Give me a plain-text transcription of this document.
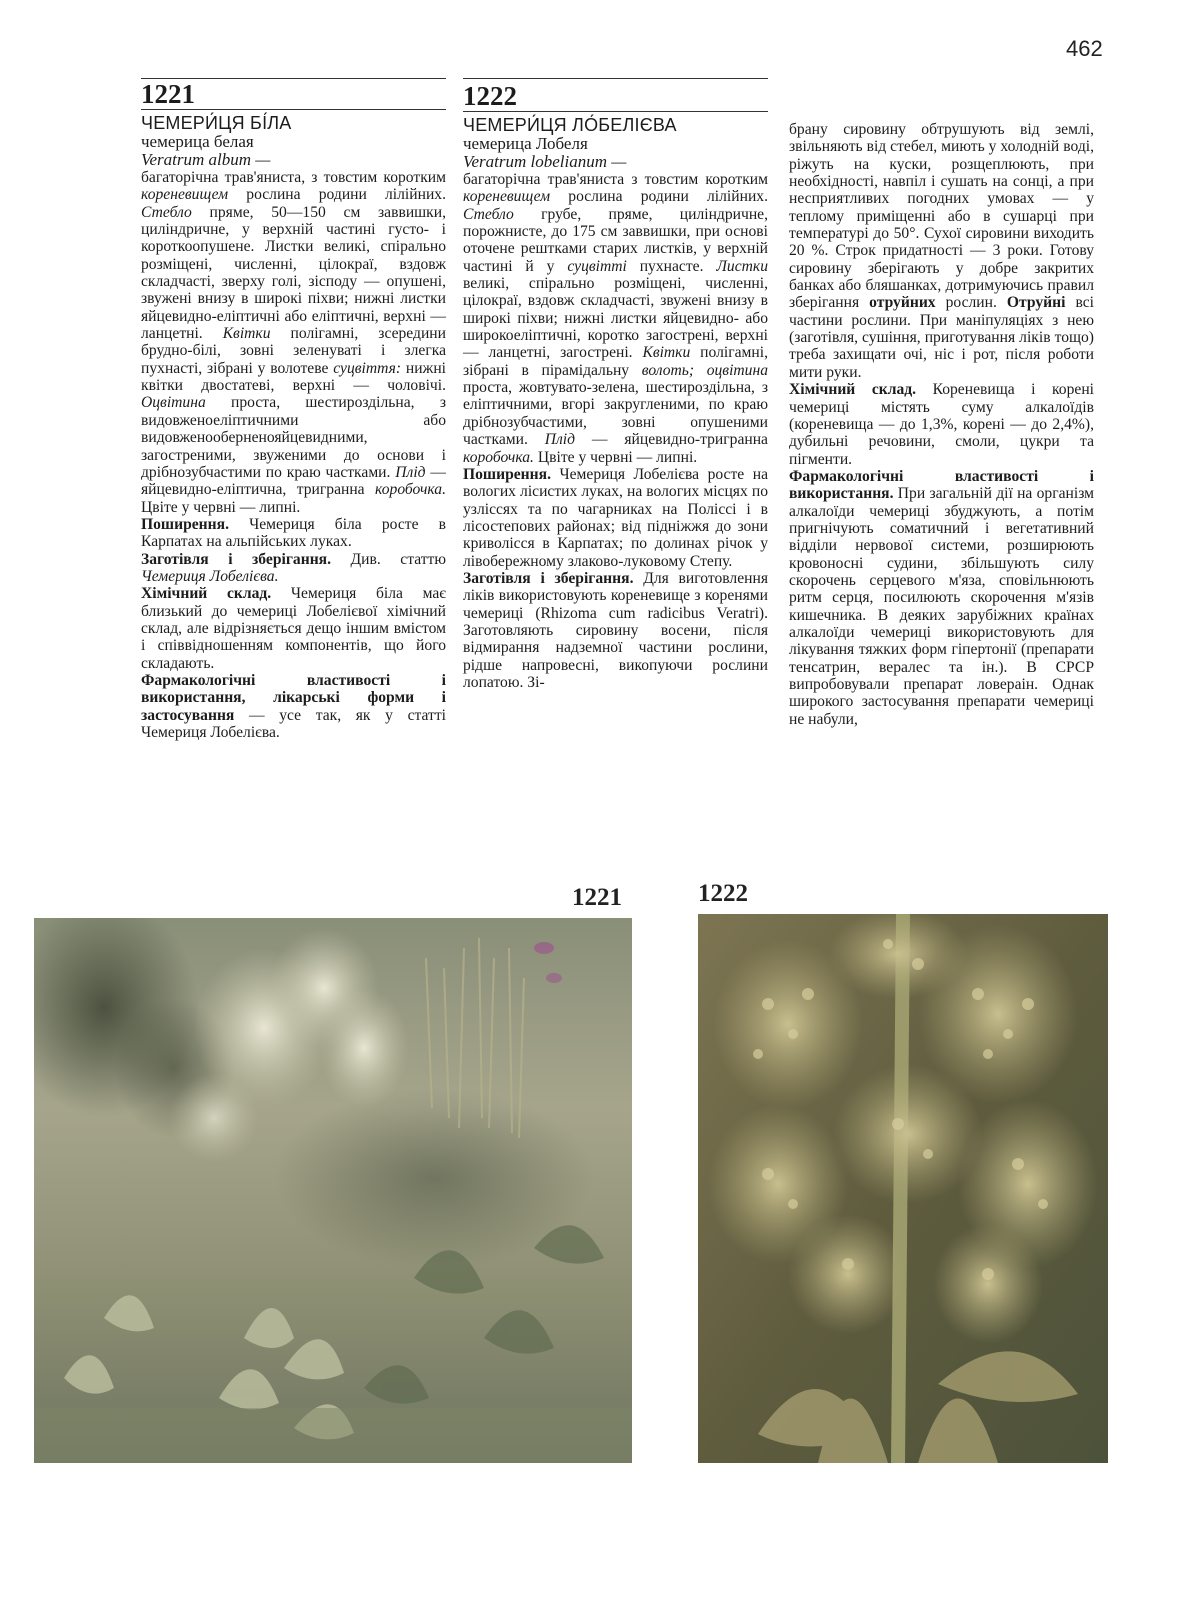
462
1221
ЧЕМЕРИ́ЦЯ БІ́ЛА
чемерица белая
Veratrum album —

багаторічна трав'яниста, з товстим коротким кореневищем рослина родини лілійних. Стебло пряме, 50—150 см заввишки, циліндричне, у верхній частині густо- і короткоопушене. Листки великі, спірально розміщені, численні, цілокраї, вздовж складчасті, зверху голі, зісподу — опушені, звужені внизу в широкі піхви; нижні листки яйцевидно-еліптичні або еліптичні, верхні — ланцетні. Квітки полігамні, зсередини брудно-білі, зовні зеленуваті і злегка пухнасті, зібрані у волотеве суцвіття: нижні квітки двостатеві, верхні — чоловічі. Оцвітина проста, шестироздільна, з видовженоеліптичними або видовженооберненояйцевидними, загостреними, звуженими до основи і дрібнозубчастими по краю частками. Плід — яйцевидно-еліптична, тригранна коробочка. Цвіте у червні — липні.

Поширення. Чемериця біла росте в Карпатах на альпійських луках.

Заготівля і зберігання. Див. статтю Чемериця Лобелієва.

Хімічний склад. Чемериця біла має близький до чемериці Лобелієвої хімічний склад, але відрізняється дещо іншим вмістом і співвідношенням компонентів, що його складають.

Фармакологічні властивості і використання, лікарські форми і застосування — усе так, як у статті Чемериця Лобелієва.

1222
ЧЕМЕРИ́ЦЯ ЛО́БЕЛІЄВА
чемерица Лобеля
Veratrum lobelianum —

багаторічна трав'яниста з товстим коротким кореневищем рослина родини лілійних. Стебло грубе, пряме, циліндричне, порожнисте, до 175 см заввишки, при основі оточене рештками старих листків, у верхній частині й у суцвітті пухнасте. Листки великі, спірально розміщені, численні, цілокраї, вздовж складчасті, звужені внизу в широкі піхви; нижні листки яйцевидно- або широкоеліптичні, коротко загострені, верхні — ланцетні, загострені. Квітки полігамні, зібрані в пірамідальну волоть; оцвітина проста, жовтувато-зелена, шестироздільна, з еліптичними, вгорі закругленими, по краю дрібнозубчастими, зовні опушеними частками. Плід — яйцевидно-тригранна коробочка. Цвіте у червні — липні.

Поширення. Чемериця Лобелієва росте на вологих лісистих луках, на вологих місцях по узліссях та по чагарниках на Поліссі і в лісостепових районах; від підніжжя до зони криволісся в Карпатах; по долинах річок у лівобережному злаково-луковому Степу.

Заготівля і зберігання. Для виготовлення ліків використовують кореневище з коренями чемериці (Rhizoma cum radicibus Veratri). Заготовляють сировину восени, після відмирання надземної частини рослини, рідше напровесні, викопуючи рослини лопатою. Зі-

брану сировину обтрушують від землі, звільняють від стебел, миють у холодній воді, ріжуть на куски, розщеплюють, при необхідності, навпіл і сушать на сонці, а при несприятливих погодних умовах — у теплому приміщенні або в сушарці при температурі до 50°. Сухої сировини виходить 20 %. Строк придатності — 3 роки. Готову сировину зберігають у добре закритих банках або бляшанках, дотримуючись правил зберігання отруйних рослин. Отруйні всі частини рослини. При маніпуляціях з нею (заготівля, сушіння, приготування ліків тощо) треба захищати очі, ніс і рот, після роботи мити руки.

Хімічний склад. Кореневища і корені чемериці містять суму алкалоїдів (кореневища — до 1,3%, корені — до 2,4%), дубильні речовини, смоли, цукри та пігменти.

Фармакологічні властивості і використання. При загальній дії на організм алкалоїди чемериці збуджують, а потім пригнічують соматичний і вегетативний відділи нервової системи, розширюють кровоносні судини, збільшують силу скорочень серцевого м'яза, сповільнюють ритм серця, посилюють скорочення м'язів кишечника. В деяких зарубіжних країнах алкалоїди чемериці використовують для лікування тяжких форм гіпертонії (препарати тенсатрин, вералес та ін.). В СРСР випробовували препарат ловераін. Однак широкого застосування препарати чемериці не набули,

1221	1222
